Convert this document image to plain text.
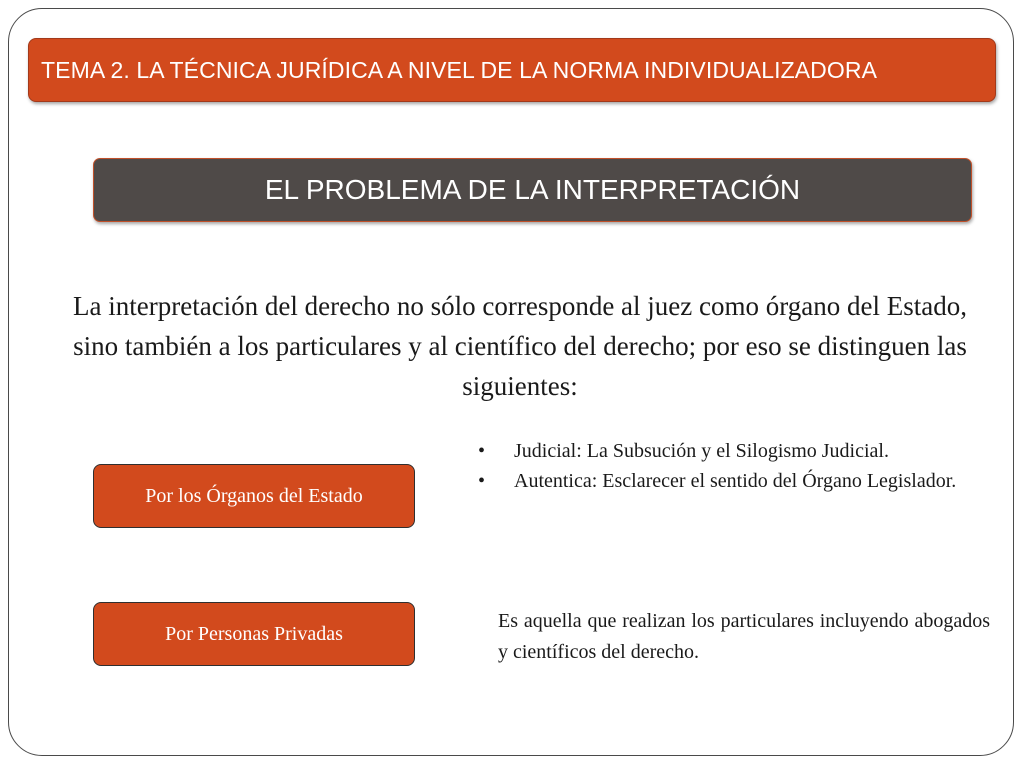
TEMA 2. LA TÉCNICA JURÍDICA A NIVEL DE LA NORMA INDIVIDUALIZADORA
EL PROBLEMA DE LA INTERPRETACIÓN
La interpretación del derecho no sólo corresponde al juez como órgano del Estado, sino también a los particulares y al científico del derecho; por eso se distinguen las siguientes:
Por los Órganos del Estado
• Judicial: La Subsución y el Silogismo Judicial.
• Autentica: Esclarecer el sentido del Órgano Legislador.
Por Personas Privadas
Es aquella que realizan los particulares incluyendo abogados y científicos del derecho.
